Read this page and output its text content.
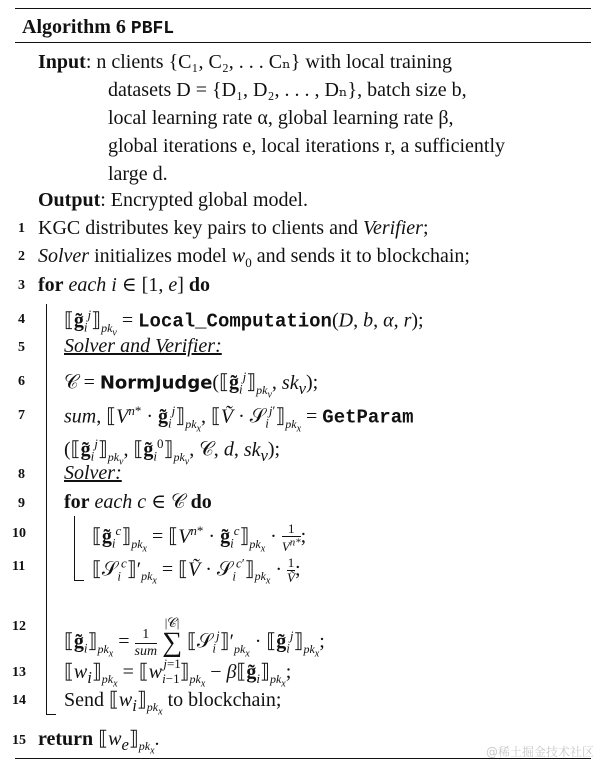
Algorithm 6 PBFL
Input: n clients {C₁, C₂, . . . Cₙ} with local training
datasets D = {D₁, D₂, . . . , Dₙ}, batch size b,
local learning rate α, global learning rate β,
global iterations e, local iterations r, a sufficiently
large d.
Output: Encrypted global model.
1
2
3
4
5
6
7
8
9
10
11
12
13
14
15
KGC distributes key pairs to clients and Verifier;
Solver initializes model $w_0$ and sends it to blockchain;
for each i ∈ [1, e] do
$⟦g̃_i^j⟧_{pk_v}$ = Local_Computation(D, b, α, r);
Solver and Verifier:
𝒞 = $NormJudge(⟦g̃_i^j⟧_{pk_v}$, $sk_v$);
sum, $⟦V^{n*}$ · $g̃_i^j⟧_{pk_x}$, ⟦Ṽ · $𝒮_i^{j'}⟧_{pk_x}$ = GetParam
($⟦g̃_i^j⟧_{pk_v}$, $⟦g̃_i^0⟧_{pk_v}$, 𝒞, d, $sk_v$);
Solver:
for each c ∈ 𝒞 do
$⟦g̃_i^c⟧_{pk_x}$ = $⟦V^{n*}$ · $g̃_i^c⟧_{pk_x} \cdot \frac{1}{V^{n*}}$ ;
$⟦𝒮_i^c⟧'_{pk_x}$ = ⟦Ṽ · $𝒮_i^{c'}⟧_{pk_x} \cdot \frac{1}{\text{Ṽ}}$ ;
$⟦g̃_i⟧_{pk_x} = 1$
sum

|𝒞|
∑
j=1
$⟦𝒮_i^j⟧'_{pk_x}$ · $⟦g̃_i^j⟧_{pk_x}$;
$⟦w_i⟧_{pk_x}$ = $⟦w_{i-1}⟧_{pk_x}$ − $\beta⟦g̃_i⟧_{pk_x}$;
Send $⟦w_i⟧_{pk_x}$ to blockchain;
return $⟦w_e⟧_{pk_x}$.
@稀土掘金技术社区
